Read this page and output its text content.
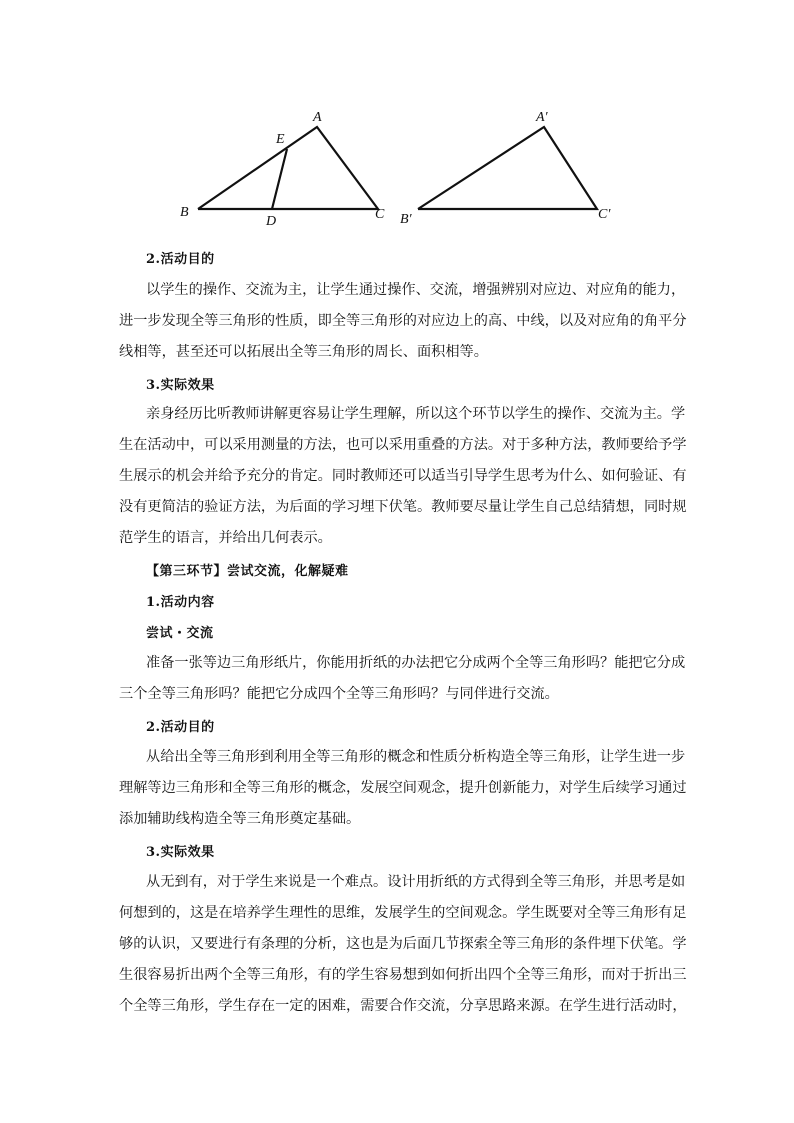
A
E
B
D	C
A′
B′	C′
2.活动目的
以学生的操作、交流为主，让学生通过操作、交流，增强辨别对应边、对应角的能力，
进一步发现全等三角形的性质，即全等三角形的对应边上的高、中线，以及对应角的角平分
线相等，甚至还可以拓展出全等三角形的周长、面积相等。
3.实际效果
亲身经历比听教师讲解更容易让学生理解，所以这个环节以学生的操作、交流为主。学
生在活动中，可以采用测量的方法，也可以采用重叠的方法。对于多种方法，教师要给予学
生展示的机会并给予充分的肯定。同时教师还可以适当引导学生思考为什么、如何验证、有
没有更简洁的验证方法，为后面的学习埋下伏笔。教师要尽量让学生自己总结猜想，同时规
范学生的语言，并给出几何表示。
【第三环节】尝试交流，化解疑难
1.活动内容
尝试・交流
准备一张等边三角形纸片，你能用折纸的办法把它分成两个全等三角形吗？能把它分成
三个全等三角形吗？能把它分成四个全等三角形吗？与同伴进行交流。
2.活动目的
从给出全等三角形到利用全等三角形的概念和性质分析构造全等三角形，让学生进一步
理解等边三角形和全等三角形的概念，发展空间观念，提升创新能力，对学生后续学习通过
添加辅助线构造全等三角形奠定基础。
3.实际效果
从无到有，对于学生来说是一个难点。设计用折纸的方式得到全等三角形，并思考是如
何想到的，这是在培养学生理性的思维，发展学生的空间观念。学生既要对全等三角形有足
够的认识，又要进行有条理的分析，这也是为后面几节探索全等三角形的条件埋下伏笔。学
生很容易折出两个全等三角形，有的学生容易想到如何折出四个全等三角形，而对于折出三
个全等三角形，学生存在一定的困难，需要合作交流，分享思路来源。在学生进行活动时，
